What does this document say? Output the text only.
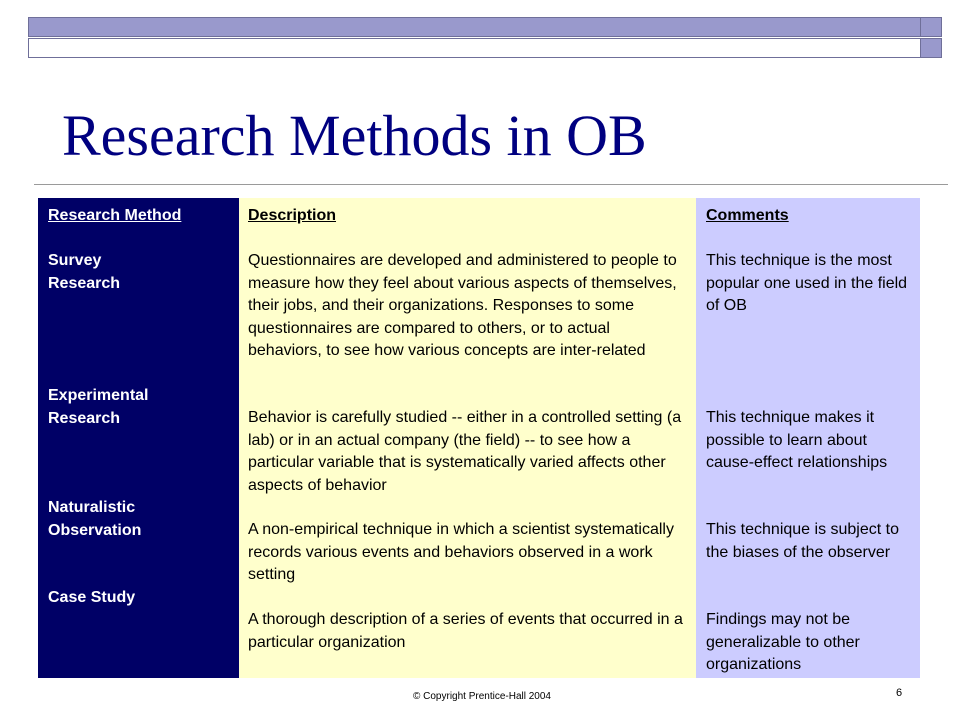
Research Methods in OB

Research Method

Survey

Research

Experimental

Research

Naturalistic

Observation

Case Study

Description

Questionnaires are developed and administered to people to measure how they feel about various aspects of themselves, their jobs, and their organizations. Responses to some questionnaires are compared to others, or to actual behaviors, to see how various concepts are inter-related

Behavior is carefully studied -- either in a controlled setting (a lab) or in an actual company (the field) -- to see how a particular variable that is systematically varied affects other aspects of behavior

A non-empirical technique in which a scientist systematically records various events and behaviors observed in a work setting

A thorough description of a series of events that occurred in a particular organization

Comments

This technique is the most popular one used in the field of OB

This technique makes it possible to learn about cause-effect relationships

This technique is subject to the biases of the observer

Findings may not be generalizable to other organizations

© Copyright Prentice-Hall 2004	6
